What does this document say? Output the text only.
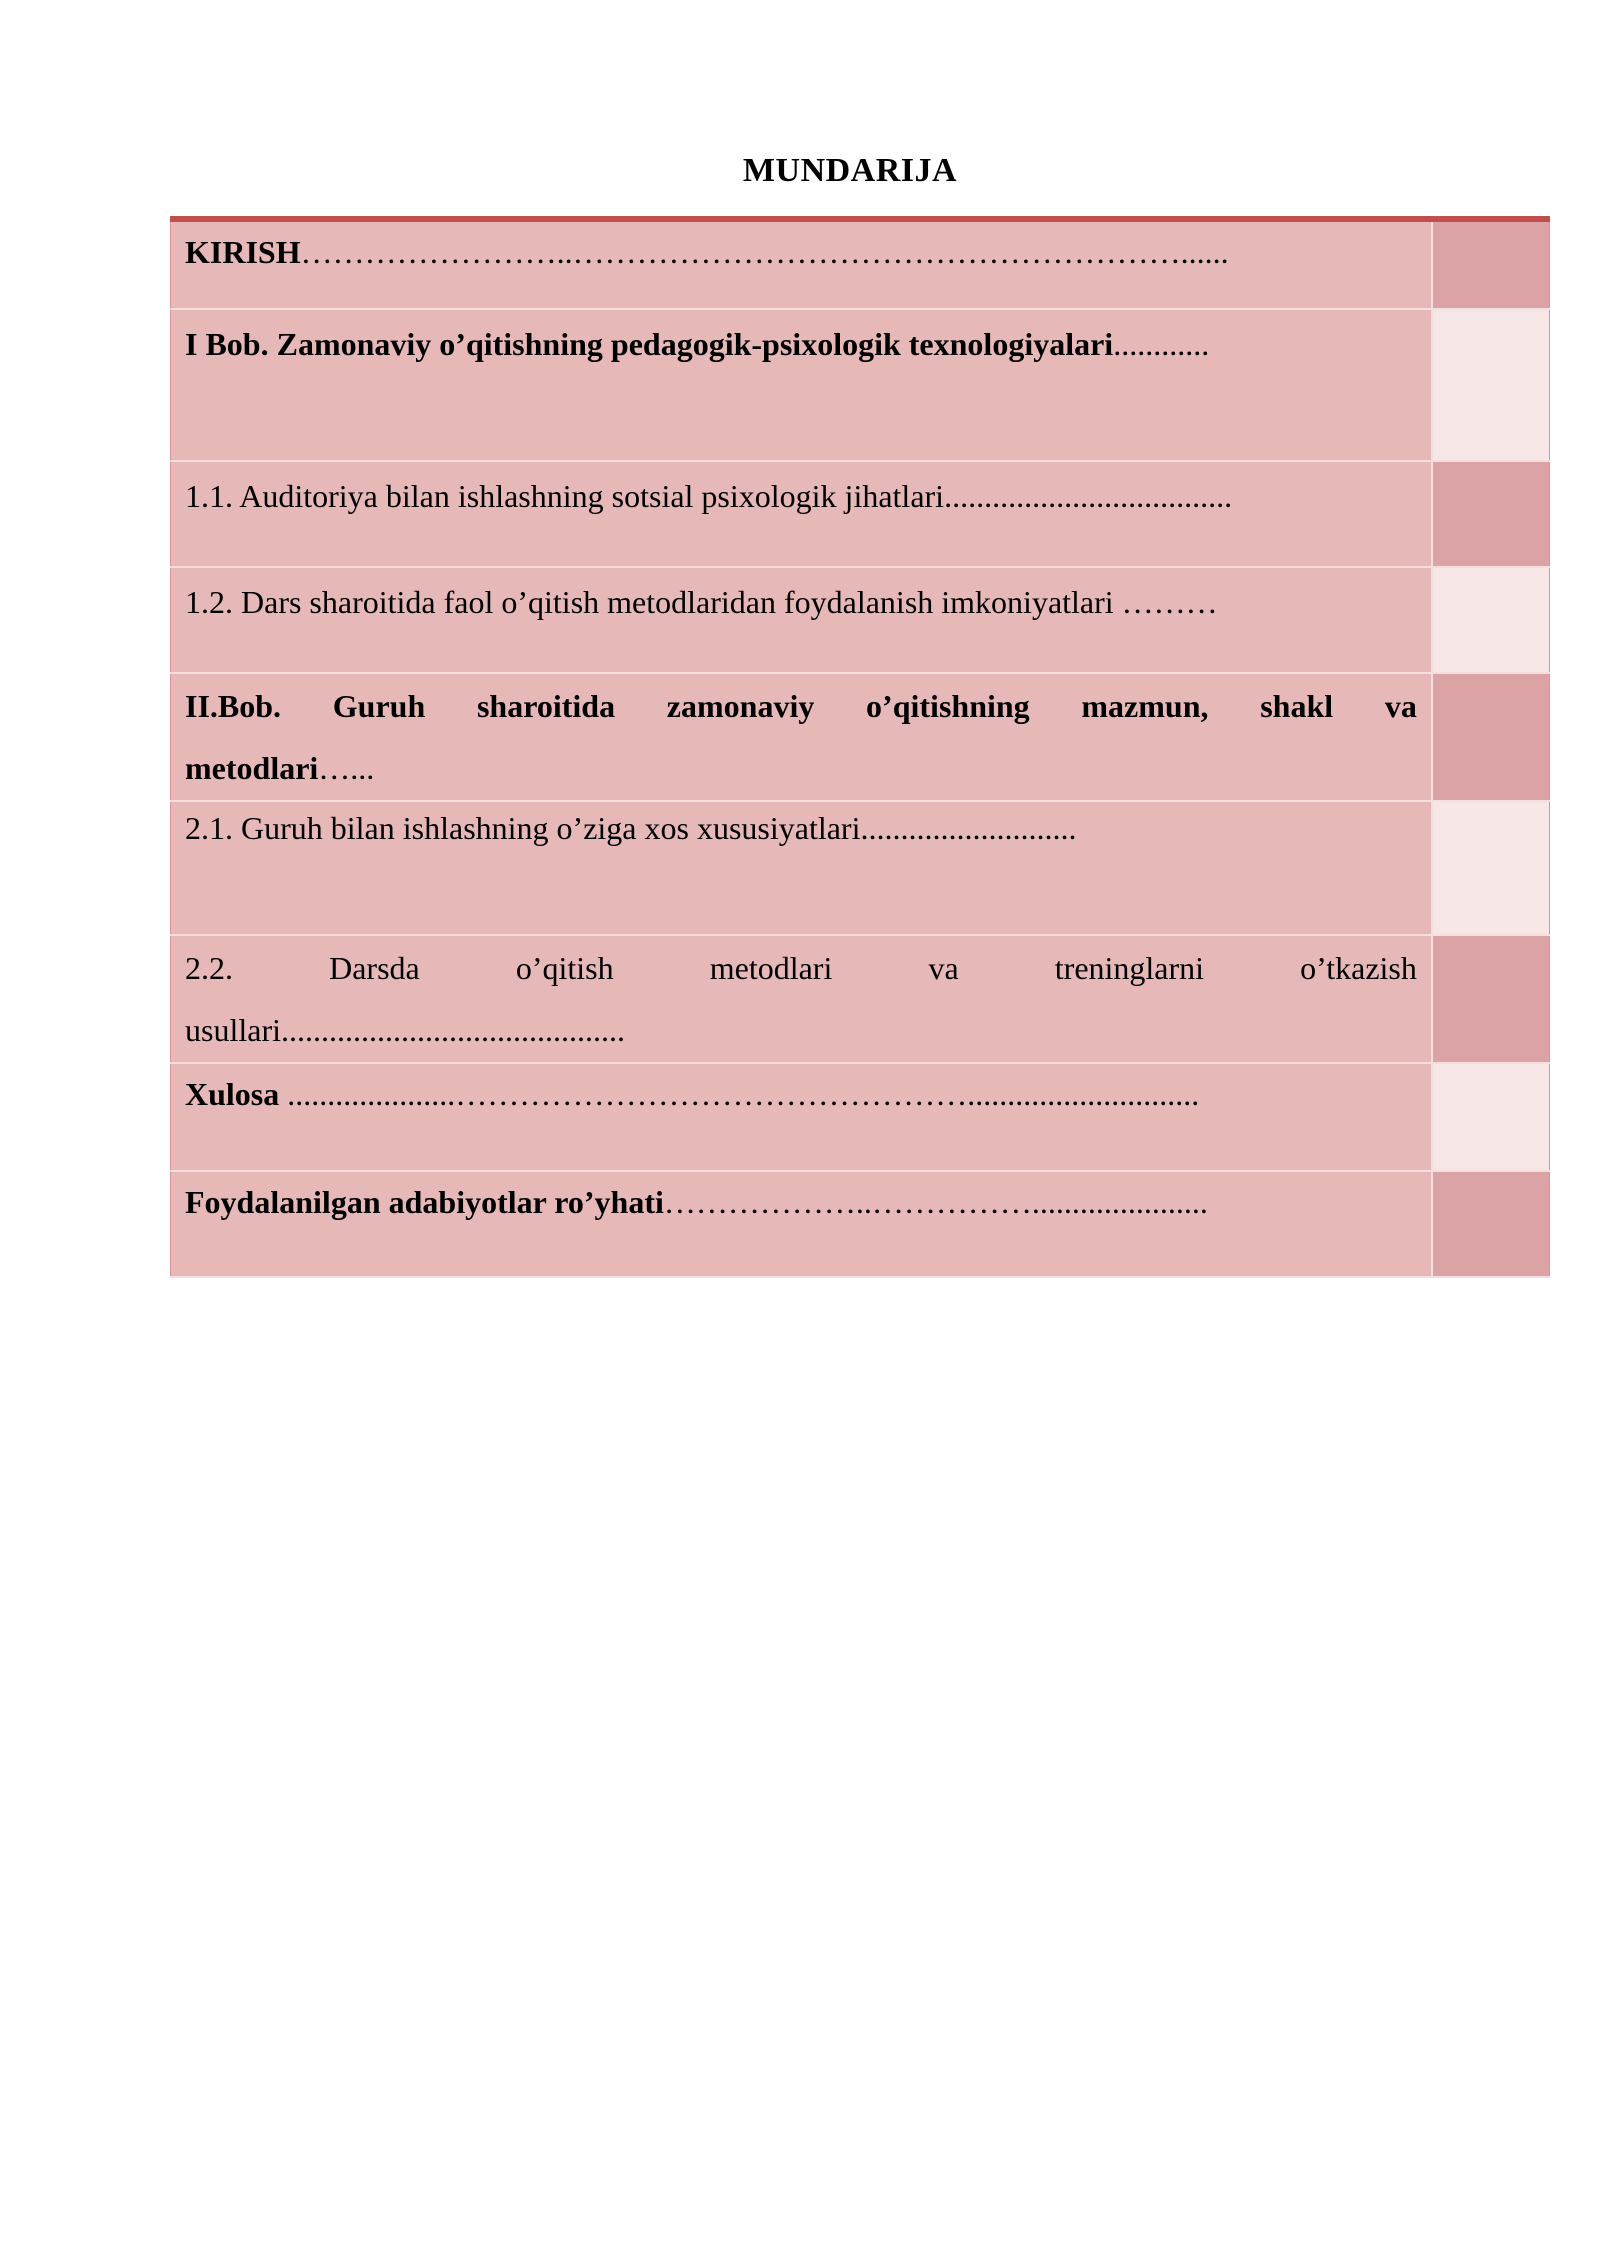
MUNDARIJA
KIRISH……………………..…………………………………………………......	
I Bob. Zamonaviy o’qitishning pedagogik-psixologik texnologiyalari............	
1.1. Auditoriya bilan ishlashning sotsial psixologik jihatlari....................................	
1.2. Dars sharoitida faol o’qitish metodlaridan foydalanish imkoniyatlari ………	

II.Bob. Guruh sharoitida zamonaviy o’qitishning mazmun, shakl va
metodlari…...	
2.1. Guruh bilan ishlashning o’ziga xos xususiyatlari...........................	

2.2. Darsda o’qitish metodlari va treninglarni o’tkazish
usullari...........................................	
Xulosa .....................………………………………………….............................	
Foydalanilgan adabiyotlar ro’yhati………………..……………......................	
